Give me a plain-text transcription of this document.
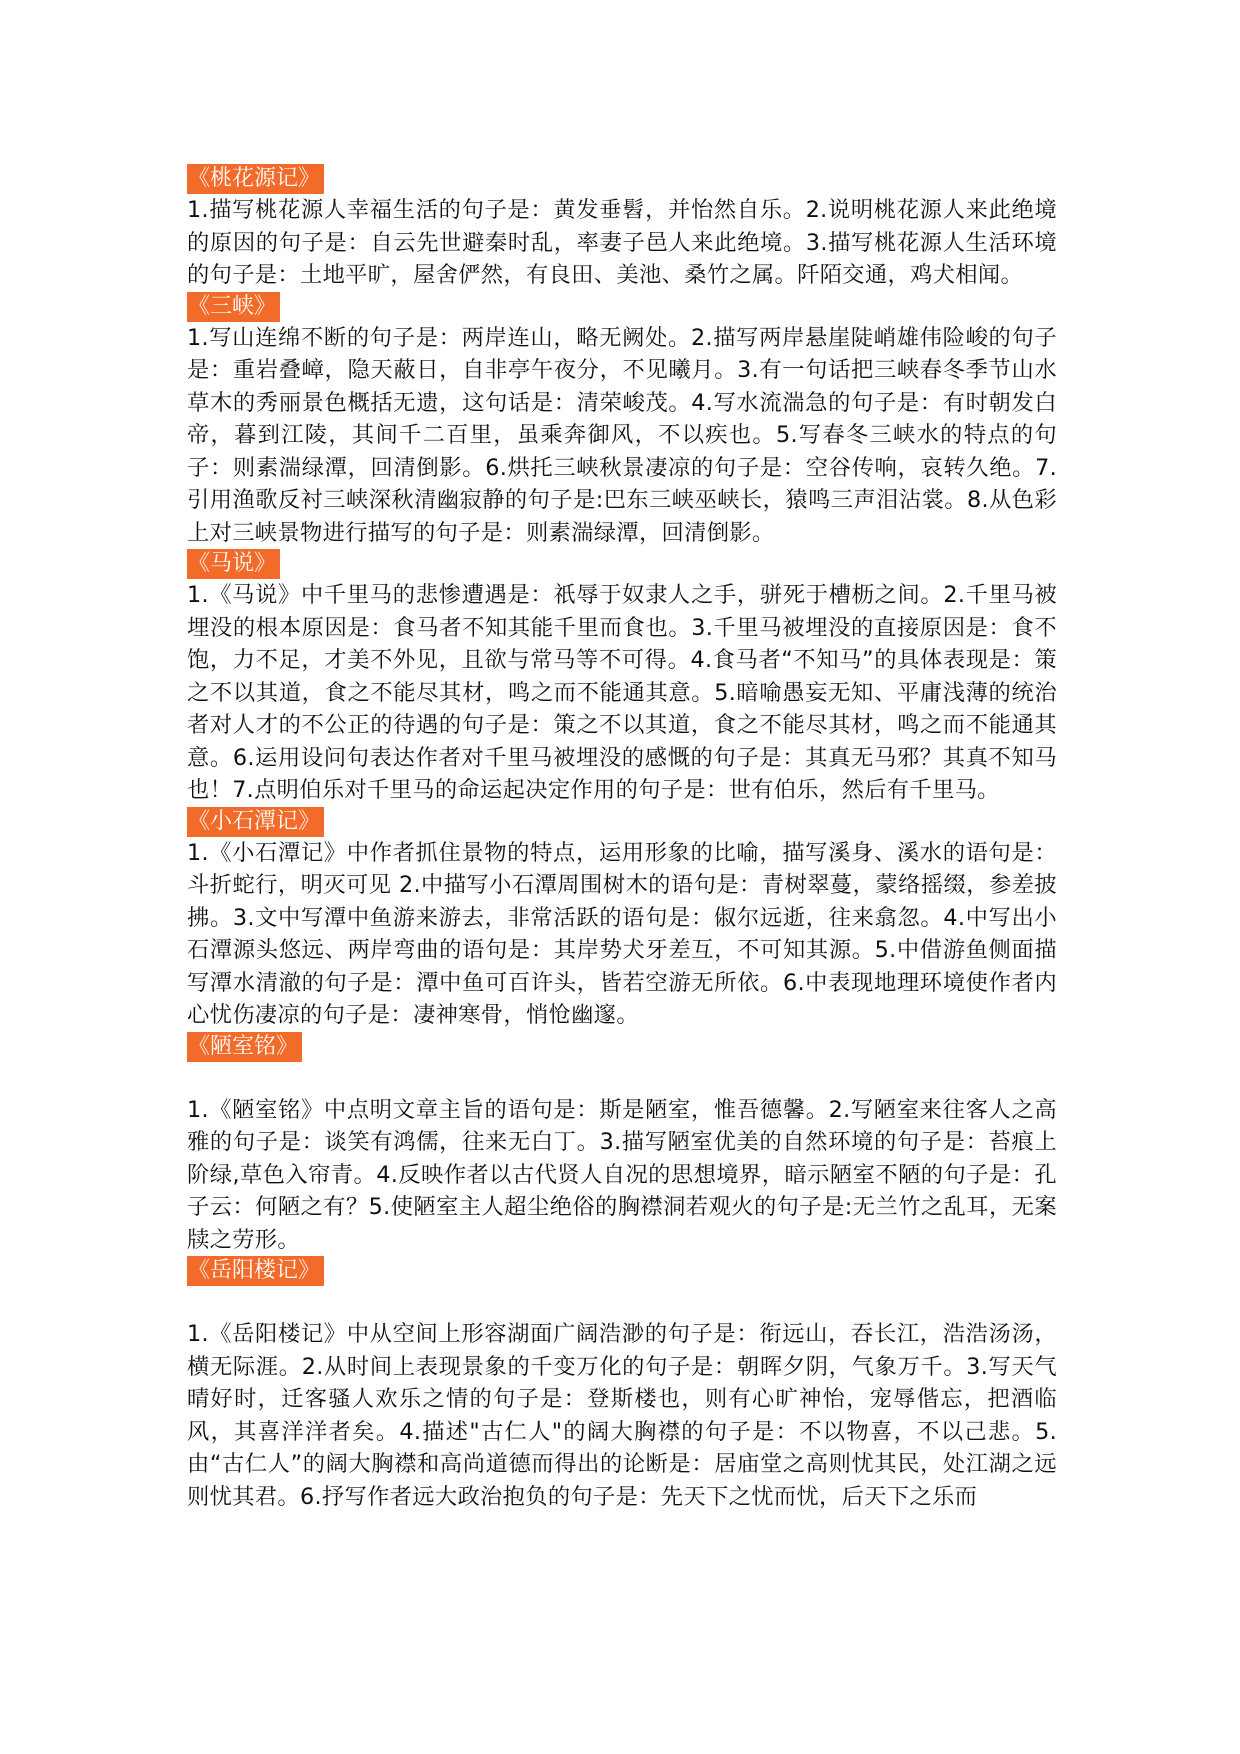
《桃花源记》

1.描写桃花源人幸福生活的句子是：黄发垂髫，并怡然自乐。2.说明桃花源人来此绝境的原因的句子是：自云先世避秦时乱，率妻子邑人来此绝境。3.描写桃花源人生活环境的句子是：土地平旷，屋舍俨然，有良田、美池、桑竹之属。阡陌交通，鸡犬相闻。

《三峡》

1.写山连绵不断的句子是：两岸连山，略无阙处。2.描写两岸悬崖陡峭雄伟险峻的句子是：重岩叠嶂，隐天蔽日，自非亭午夜分，不见曦月。3.有一句话把三峡春冬季节山水草木的秀丽景色概括无遗，这句话是：清荣峻茂。4.写水流湍急的句子是：有时朝发白帝，暮到江陵，其间千二百里，虽乘奔御风，不以疾也。5.写春冬三峡水的特点的句子：则素湍绿潭，回清倒影。6.烘托三峡秋景凄凉的句子是：空谷传响，哀转久绝。7.引用渔歌反衬三峡深秋清幽寂静的句子是:巴东三峡巫峡长，猿鸣三声泪沾裳。8.从色彩上对三峡景物进行描写的句子是：则素湍绿潭，回清倒影。

《马说》

1.《马说》中千里马的悲惨遭遇是：祇辱于奴隶人之手，骈死于槽枥之间。2.千里马被埋没的根本原因是：食马者不知其能千里而食也。3.千里马被埋没的直接原因是：食不饱，力不足，才美不外见，且欲与常马等不可得。4.食马者“不知马”的具体表现是：策之不以其道，食之不能尽其材，鸣之而不能通其意。5.暗喻愚妄无知、平庸浅薄的统治者对人才的不公正的待遇的句子是：策之不以其道，食之不能尽其材，鸣之而不能通其意。6.运用设问句表达作者对千里马被埋没的感慨的句子是：其真无马邪？其真不知马也！7.点明伯乐对千里马的命运起决定作用的句子是：世有伯乐，然后有千里马。

《小石潭记》

1.《小石潭记》中作者抓住景物的特点，运用形象的比喻，描写溪身、溪水的语句是：斗折蛇行，明灭可见 2.中描写小石潭周围树木的语句是：青树翠蔓，蒙络摇缀，参差披拂。3.文中写潭中鱼游来游去，非常活跃的语句是：俶尔远逝，往来翕忽。4.中写出小石潭源头悠远、两岸弯曲的语句是：其岸势犬牙差互，不可知其源。5.中借游鱼侧面描写潭水清澈的句子是：潭中鱼可百许头，皆若空游无所依。6.中表现地理环境使作者内心忧伤凄凉的句子是：凄神寒骨，悄怆幽邃。

《陋室铭》

1.《陋室铭》中点明文章主旨的语句是：斯是陋室，惟吾德馨。2.写陋室来往客人之高雅的句子是：谈笑有鸿儒，往来无白丁。3.描写陋室优美的自然环境的句子是：苔痕上阶绿,草色入帘青。4.反映作者以古代贤人自况的思想境界，暗示陋室不陋的句子是：孔子云：何陋之有？5.使陋室主人超尘绝俗的胸襟洞若观火的句子是:无兰竹之乱耳，无案牍之劳形。

《岳阳楼记》

1.《岳阳楼记》中从空间上形容湖面广阔浩渺的句子是：衔远山，吞长江，浩浩汤汤，横无际涯。2.从时间上表现景象的千变万化的句子是：朝晖夕阴，气象万千。3.写天气晴好时，迁客骚人欢乐之情的句子是：登斯楼也，则有心旷神怡，宠辱偕忘，把酒临风，其喜洋洋者矣。4.描述"古仁人"的阔大胸襟的句子是：不以物喜，不以己悲。5.由“古仁人”的阔大胸襟和高尚道德而得出的论断是：居庙堂之高则忧其民，处江湖之远则忧其君。6.抒写作者远大政治抱负的句子是：先天下之忧而忧，后天下之乐而
